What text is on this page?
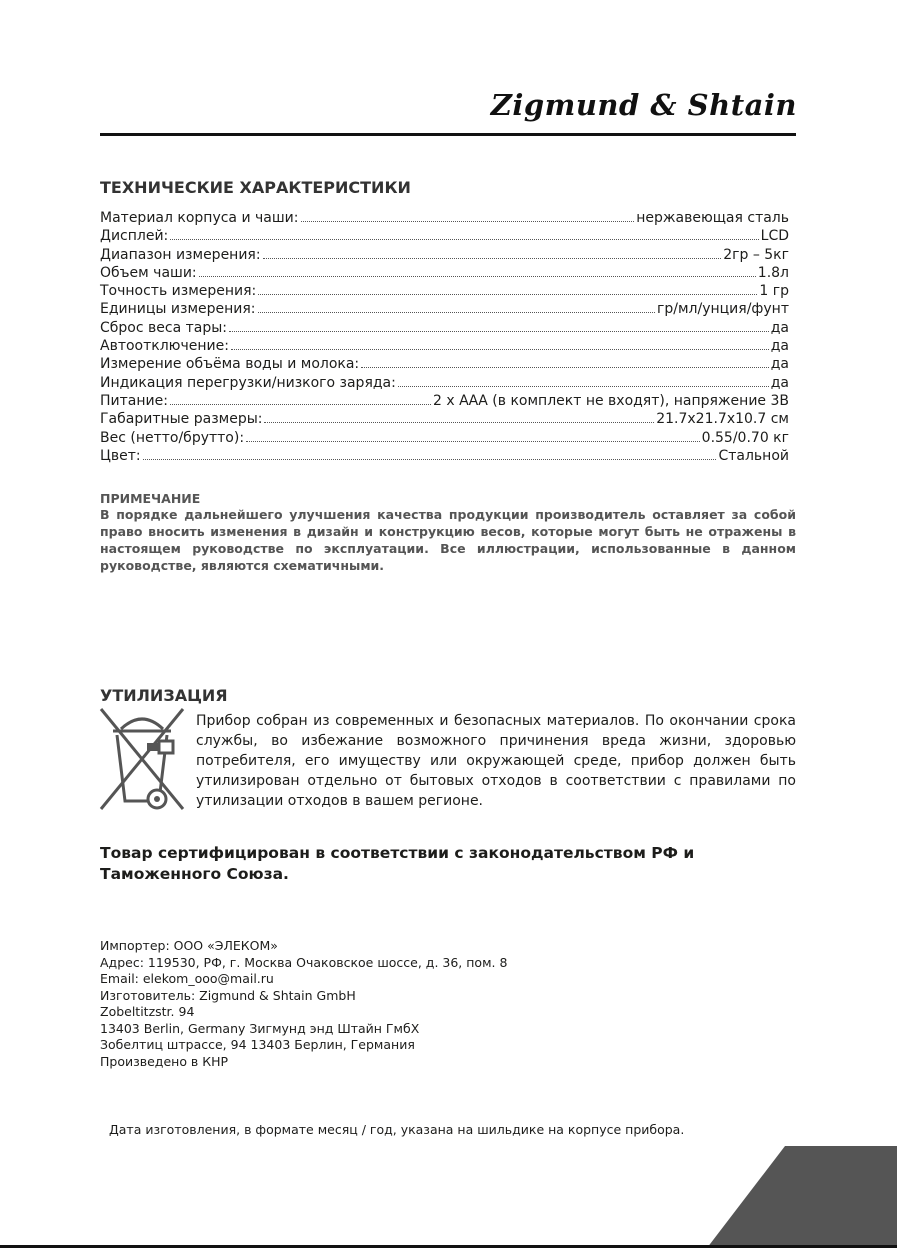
Zigmund & Shtain
ТЕХНИЧЕСКИЕ ХАРАКТЕРИСТИКИ
Материал корпуса и чаши:	нержавеющая сталь
Дисплей:	LCD
Диапазон измерения:	2гр – 5кг
Объем чаши:	1.8л
Точность измерения:	1 гр
Единицы измерения:	гр/мл/унция/фунт
Сброс веса тары:	да
Автоотключение:	да
Измерение объёма воды и молока:	да
Индикация перегрузки/низкого заряда:	да
Питание:	2 х ААА (в комплект не входят), напряжение 3В
Габаритные размеры:	21.7х21.7х10.7 см
Вес (нетто/брутто):	0.55/0.70 кг
Цвет:	Стальной
ПРИМЕЧАНИЕ

В порядке дальнейшего улучшения качества продукции производитель оставляет за собой право вносить изменения в дизайн и конструкцию весов, которые могут быть не отражены в настоящем руководстве по эксплуатации. Все иллюстрации, использованные в данном руководстве, являются схематичными.

УТИЛИЗАЦИЯ

Прибор собран из современных и безопасных материалов. По окончании срока службы, во избежание возможного причинения вреда жизни, здоровью потребителя, его имуществу или окружающей среде, прибор должен быть утилизирован отдельно от бытовых отходов в соответствии с правилами по утилизации отходов в вашем регионе.

Товар сертифицирован в соответствии с законодательством РФ и Таможенного Союза.

Импортер: ООО «ЭЛЕКОМ»
Адрес: 119530, РФ, г. Москва Очаковское шоссе, д. 36, пом. 8
Email: elekom_ooo@mail.ru
Изготовитель: Zigmund & Shtain GmbH
Zobeltitzstr. 94
13403 Berlin, Germany Зигмунд энд Штайн ГмбХ
Зобелтиц штрассе, 94 13403 Берлин, Германия
Произведено в КНР

Дата изготовления, в формате месяц / год, указана на шильдике на корпусе прибора.
